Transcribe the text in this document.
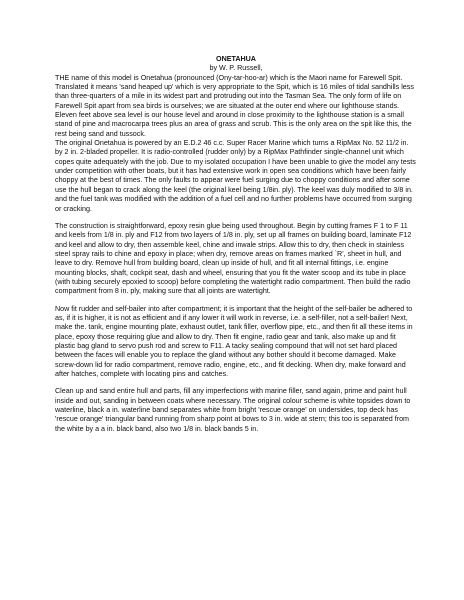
ONETAHUA

by W. P. Russell,

THE name of this model is Onetahua (pronounced (Ony-tar-hoo-ar) which is the Maori name for Farewell Spit. Translated it means 'sand heaped up' which is very appropriate to the Spit, which is 16 miles of tidal sandhills less than three-quarters of a mile in its widest part and protruding out into the Tasman Sea. The only form of life on Farewell Spit apart from sea birds is ourselves; we are situated at the outer end where our lighthouse stands. Eleven feet above sea level is our house level and around in close proximity to the lighthouse station is a small stand of pine and macrocarpa trees plus an area of grass and scrub. This is the only area on the spit like this, the rest being sand and tussock.

The original Onetahua is powered by an E.D.2 46 c.c. Super Racer Marine which turns a RipMax No. 52 11/2 in. by 2 in. 2-bladed propeller. It is radio-controlled (rudder only) by a RipMax Pathfinder single-channel unit which copes quite adequately with the job. Due to my isolated occupation I have been unable to give the model any tests under competition with other boats, but it has had extensive work in open sea conditions which have been fairly choppy at the best of times. The only faults to appear were fuel surging due to choppy conditions and after some use the hull began to crack along the keel (the original keel being 1/8in. ply). The keel was duly modified to 3/8 in. and the fuel tank was modified with the addition of a fuel cell and no further problems have occurred from surging or cracking.

The construction is straightforward, epoxy resin glue being used throughout. Begin by cutting frames F 1 to F 11 and keels from 1/8 in. ply and F12 from two layers of 1/8 in. ply, set up all frames on building board, laminate F12 and keel and allow to dry, then assemble keel, chine and inwale strips. Allow this to dry, then check in stainless steel spray rails to chine and epoxy in place; when dry, remove areas on frames marked `R', sheet in hull, and leave to dry. Remove hull from building board, clean up inside of hull, and fit all internal fittings, i.e. engine mounting blocks, shaft, cockpit seat, dash and wheel, ensuring that you fit the water scoop and its tube in place (with tubing securely epoxied to scoop) before completing the watertight radio compartment. Then build the radio compartment from 8 in. ply, making sure that all joints are watertight.

Now fit rudder and self-bailer into after compartment; it is important that the height of the self-bailer be adhered to as, if it is higher, it is not as efficient and if any lower it will work in reverse, i.e. a self-filler, not a self-bailer! Next, make the. tank, engine mounting plate, exhaust outlet, tank filler, overflow pipe, etc., and then fit all these items in place, epoxy those requiring glue and allow to dry. Then fit engine, radio gear and tank, also make up and fit plastic bag gland to servo push rod and screw to F11. A tacky sealing compound that will not set hard placed between the faces will enable you to replace the gland without any bother should it become damaged. Make screw-down lid for radio compartment, remove radio, engine, etc., and fit decking. When dry, make forward and after hatches, complete with locating pins and catches.

Clean up and sand entire hull and parts, fill any imperfections with marine filler, sand again, prime and paint hull inside and out, sanding in between coats where necessary. The original colour scheme is white topsides down to waterline, black a in. waterline band separates white from bright 'rescue orange' on undersides, top deck has 'rescue orange' triangular band running from sharp point at bows to 3 in. wide at stern; this too is separated from the white by a a in. black band, also two 1/8 in. black bands 5 in.
